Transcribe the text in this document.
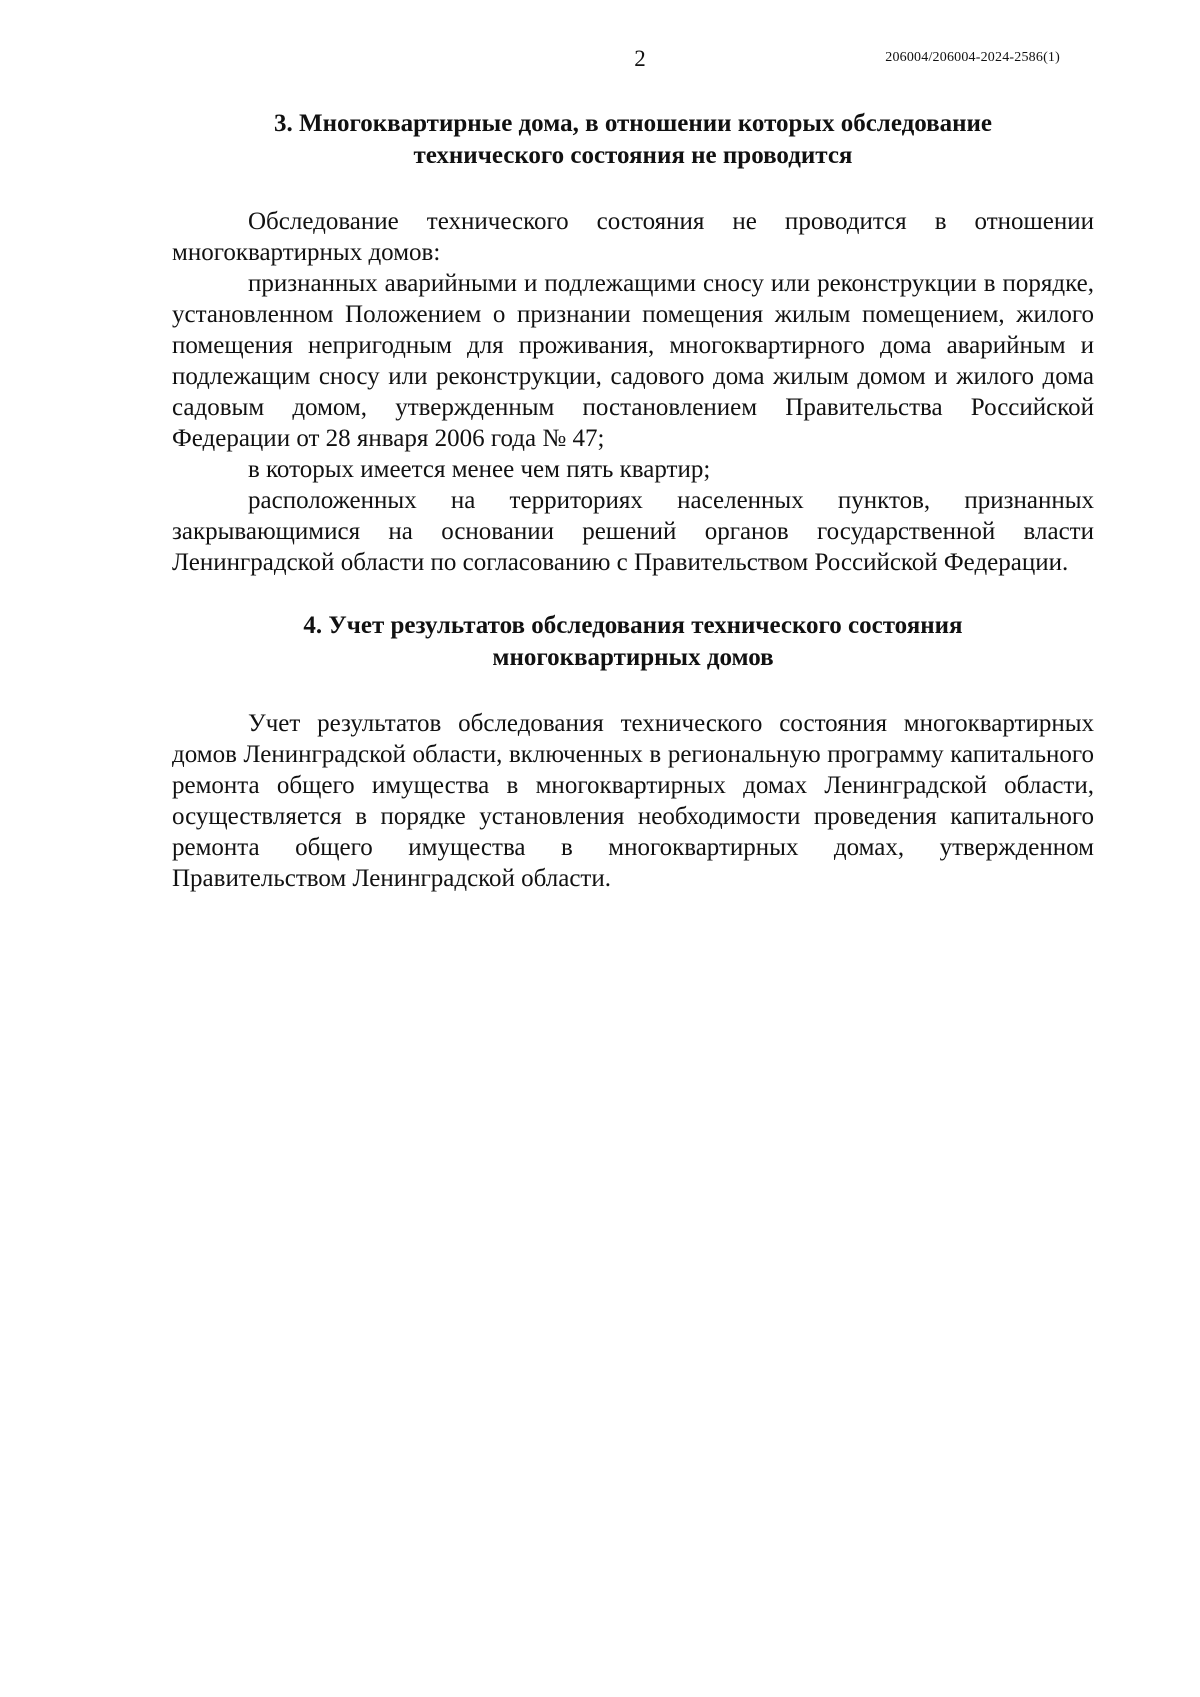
2	206004/206004-2024-2586(1)
3. Многоквартирные дома, в отношении которых обследование
технического состояния не проводится

Обследование технического состояния не проводится в отношении многоквартирных домов:

признанных аварийными и подлежащими сносу или реконструкции в порядке, установленном Положением о признании помещения жилым помещением, жилого помещения непригодным для проживания, многоквартирного дома аварийным и подлежащим сносу или реконструкции, садового дома жилым домом и жилого дома садовым домом, утвержденным постановлением Правительства Российской Федерации от 28 января 2006 года № 47;

в которых имеется менее чем пять квартир;

расположенных на территориях населенных пунктов, признанных закрывающимися на основании решений органов государственной власти Ленинградской области по согласованию с Правительством Российской Федерации.

4. Учет результатов обследования технического состояния
многоквартирных домов

Учет результатов обследования технического состояния многоквартирных домов Ленинградской области, включенных в региональную программу капитального ремонта общего имущества в многоквартирных домах Ленинградской области, осуществляется в порядке установления необходимости проведения капитального ремонта общего имущества в многоквартирных домах, утвержденном Правительством Ленинградской области.
